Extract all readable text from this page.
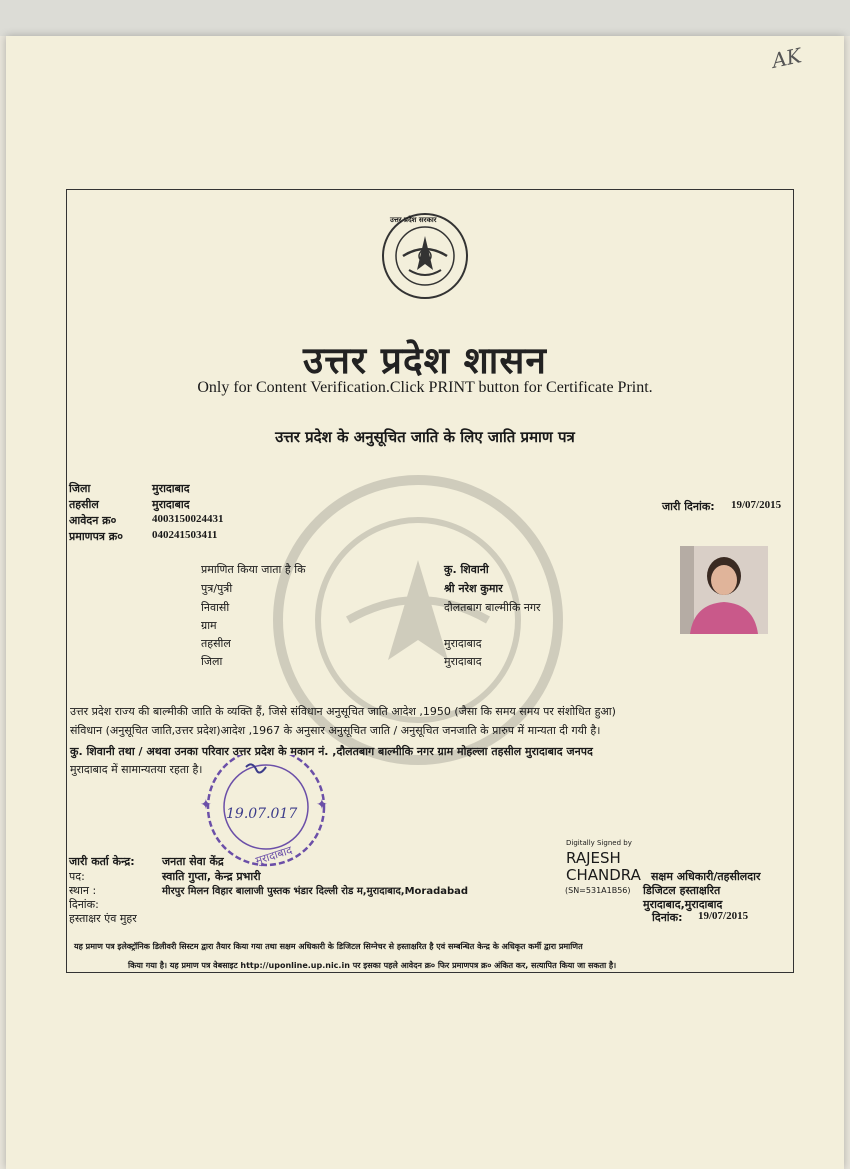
AK
उत्तर प्रदेश सरकार
उत्तर प्रदेश शासन
Only for Content Verification.Click PRINT button for Certificate Print.
उत्तर प्रदेश के अनुसूचित जाति के लिए जाति प्रमाण पत्र
जिला	मुरादाबाद
तहसील	मुरादाबाद
आवेदन क्र०	4003150024431
प्रमाणपत्र क्र०	040241503411
जारी दिनांक: 19/07/2015
प्रमाणित किया जाता है कि	कु. शिवानी
पुत्र/पुत्री	श्री नरेश कुमार
निवासी	दौलतबाग बाल्मीकि नगर
ग्राम
तहसील	मुरादाबाद
जिला	मुरादाबाद
उत्तर प्रदेश राज्य की बाल्मीकी जाति के व्यक्ति हैं, जिसे संविधान अनुसूचित जाति आदेश ,1950 (जैसा कि समय समय पर संशोधित हुआ)
संविधान (अनुसूचित जाति,उत्तर प्रदेश)आदेश ,1967 के अनुसार अनुसूचित जाति / अनुसूचित जनजाति के प्रारुप में मान्यता दी गयी है।
कु. शिवानी तथा / अथवा उनका परिवार उत्तर प्रदेश के मकान नं. ,दौलतबाग बाल्मीकि नगर ग्राम मोहल्ला तहसील मुरादाबाद जनपद
मुरादाबाद में सामान्यतया रहता है।
✦	✦
19.07.017
मुरादाबाद
जारी कर्ता केन्द्र: जनता सेवा केंद्र
पद:	स्वाति गुप्ता, केन्द्र प्रभारी
स्थान :	मीरपुर मिलन विहार बालाजी पुस्तक भंडार दिल्ली रोड म,मुरादाबाद,Moradabad
दिनांक:
हस्ताक्षर एंव मुहर
Digitally Signed by
RAJESH
CHANDRA
(SN=531A1B56)
सक्षम अधिकारी/तहसीलदार
डिजिटल हस्ताक्षरित
मुरादाबाद,मुरादाबाद
दिनांक: 19/07/2015
यह प्रमाण पत्र इलेक्ट्रॉनिक डिलीवरी सिस्टम द्वारा तैयार किया गया तथा सक्षम अधिकारी के डिजिटल सिग्नेचर से हस्ताक्षरित है एवं सम्बन्धित केन्द्र के अधिकृत कर्मी द्वारा प्रमाणित
किया गया है। यह प्रमाण पत्र वेबसाइट http://uponline.up.nic.in पर इसका पहले आवेदन क्र० फिर प्रमाणपत्र क्र० अंकित कर, सत्यापित किया जा सकता है।
